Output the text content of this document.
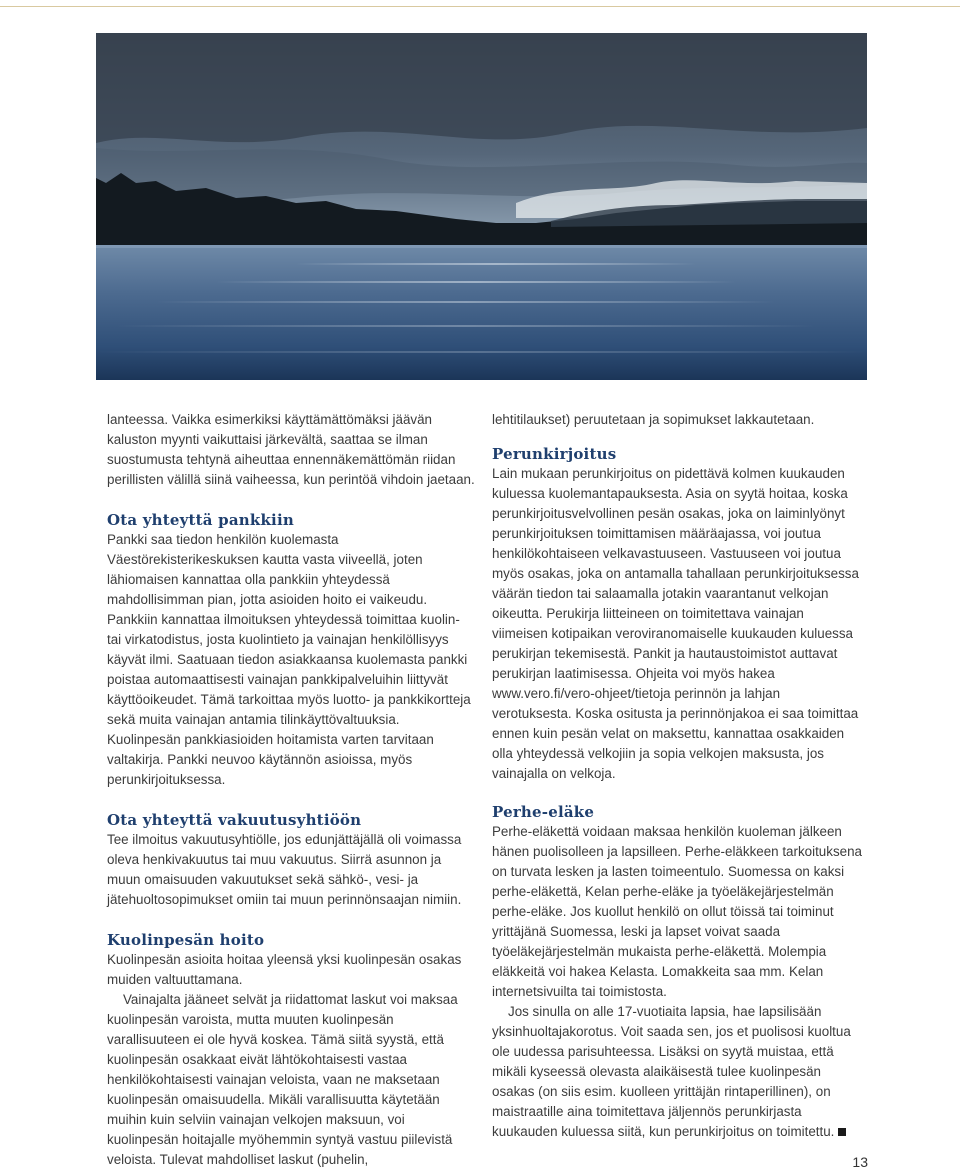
lanteessa. Vaikka esimerkiksi käyttämättömäksi jäävän kaluston myynti vaikuttaisi järkevältä, saattaa se ilman suostumusta tehtynä aiheuttaa ennennäkemättömän riidan perillisten välillä siinä vaiheessa, kun perintöä vihdoin jaetaan.

Ota yhteyttä pankkiin

Pankki saa tiedon henkilön kuolemasta Väestörekisterikeskuksen kautta vasta viiveellä, joten lähiomaisen kannattaa olla pankkiin yhteydessä mahdollisimman pian, jotta asioiden hoito ei vaikeudu. Pankkiin kannattaa ilmoituksen yhteydessä toimittaa kuolin- tai virkatodistus, josta kuolintieto ja vainajan henkilöllisyys käyvät ilmi. Saatuaan tiedon asiakkaansa kuolemasta pankki poistaa automaattisesti vainajan pankkipalveluihin liittyvät käyttöoikeudet. Tämä tarkoittaa myös luotto- ja pankkikortteja sekä muita vainajan antamia tilinkäyttövaltuuksia. Kuolinpesän pankkiasioiden hoitamista varten tarvitaan valtakirja. Pankki neuvoo käytännön asioissa, myös perunkirjoituksessa.

Ota yhteyttä vakuutusyhtiöön

Tee ilmoitus vakuutusyhtiölle, jos edunjättäjällä oli voimassa oleva henkivakuutus tai muu vakuutus. Siirrä asunnon ja muun omaisuuden vakuutukset sekä sähkö-, vesi- ja jätehuoltosopimukset omiin tai muun perinnönsaajan nimiin.

Kuolinpesän hoito

Kuolinpesän asioita hoitaa yleensä yksi kuolinpesän osakas muiden valtuuttamana.

Vainajalta jääneet selvät ja riidattomat laskut voi maksaa kuolinpesän varoista, mutta muuten kuolinpesän varallisuuteen ei ole hyvä koskea. Tämä siitä syystä, että kuolinpesän osakkaat eivät lähtökohtaisesti vastaa henkilökohtaisesti vainajan veloista, vaan ne maksetaan kuolinpesän omaisuudella. Mikäli varallisuutta käytetään muihin kuin selviin vainajan velkojen maksuun, voi kuolinpesän hoitajalle myöhemmin syntyä vastuu piilevistä veloista. Tulevat mahdolliset laskut (puhelin,

lehtitilaukset) peruutetaan ja sopimukset lakkautetaan.

Perunkirjoitus

Lain mukaan perunkirjoitus on pidettävä kolmen kuukauden kuluessa kuolemantapauksesta. Asia on syytä hoitaa, koska perunkirjoitusvelvollinen pesän osakas, joka on laiminlyönyt perunkirjoituksen toimittamisen määräajassa, voi joutua henkilökohtaiseen velkavastuuseen. Vastuuseen voi joutua myös osakas, joka on antamalla tahallaan perunkirjoituksessa väärän tiedon tai salaamalla jotakin vaarantanut velkojan oikeutta. Perukirja liitteineen on toimitettava vainajan viimeisen kotipaikan veroviranomaiselle kuukauden kuluessa perukirjan tekemisestä. Pankit ja hautaustoimistot auttavat perukirjan laatimisessa. Ohjeita voi myös hakea www.vero.fi/vero-ohjeet/tietoja perinnön ja lahjan verotuksesta. Koska ositusta ja perinnönjakoa ei saa toimittaa ennen kuin pesän velat on maksettu, kannattaa osakkaiden olla yhteydessä velkojiin ja sopia velkojen maksusta, jos vainajalla on velkoja.

Perhe-eläke

Perhe-eläkettä voidaan maksaa henkilön kuoleman jälkeen hänen puolisolleen ja lapsilleen. Perhe-eläkkeen tarkoituksena on turvata lesken ja lasten toimeentulo. Suomessa on kaksi perhe-eläkettä, Kelan perhe-eläke ja työeläkejärjestelmän perhe-eläke. Jos kuollut henkilö on ollut töissä tai toiminut yrittäjänä Suomessa, leski ja lapset voivat saada työeläkejärjestelmän mukaista perhe-eläkettä. Molempia eläkkeitä voi hakea Kelasta. Lomakkeita saa mm. Kelan internetsivuilta tai toimistosta.

Jos sinulla on alle 17-vuotiaita lapsia, hae lapsilisään yksinhuoltajakorotus. Voit saada sen, jos et puolisosi kuoltua ole uudessa parisuhteessa. Lisäksi on syytä muistaa, että mikäli kyseessä olevasta alaikäisestä tulee kuolinpesän osakas (on siis esim. kuolleen yrittäjän rintaperillinen), on maistraatille aina toimitettava jäljennös perunkirjasta kuukauden kuluessa siitä, kun perunkirjoitus on toimitettu.

13
